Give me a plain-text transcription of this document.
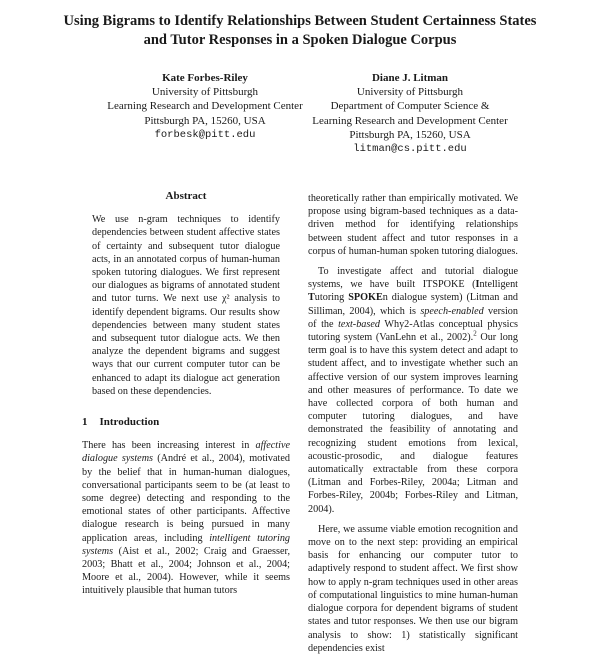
Using Bigrams to Identify Relationships Between Student Certainness States
and Tutor Responses in a Spoken Dialogue Corpus
Kate Forbes-Riley
University of Pittsburgh
Learning Research and Development Center
Pittsburgh PA, 15260, USA
forbesk@pitt.edu
Diane J. Litman
University of Pittsburgh
Department of Computer Science &
Learning Research and Development Center
Pittsburgh PA, 15260, USA
litman@cs.pitt.edu
Abstract

We use n-gram techniques to identify dependencies between student affective states of certainty and subsequent tutor dialogue acts, in an annotated corpus of human-human spoken tutoring dialogues. We first represent our dialogues as bigrams of annotated student and tutor turns. We next use χ² analysis to identify dependent bigrams. Our results show dependencies between many student states and subsequent tutor dialogue acts. We then analyze the dependent bigrams and suggest ways that our current computer tutor can be enhanced to adapt its dialogue act generation based on these dependencies.

1 Introduction

There has been increasing interest in affective dialogue systems (André et al., 2004), motivated by the belief that in human-human dialogues, conversational participants seem to be (at least to some degree) detecting and responding to the emotional states of other participants. Affective dialogue research is being pursued in many application areas, including intelligent tutoring systems (Aist et al., 2002; Craig and Graesser, 2003; Bhatt et al., 2004; Johnson et al., 2004; Moore et al., 2004). However, while it seems intuitively plausible that human tutors

theoretically rather than empirically motivated. We propose using bigram-based techniques as a data-driven method for identifying relationships between student affect and tutor responses in a corpus of human-human spoken tutoring dialogues.

To investigate affect and tutorial dialogue systems, we have built ITSPOKE (Intelligent Tutoring SPOKEn dialogue system) (Litman and Silliman, 2004), which is speech-enabled version of the text-based Why2-Atlas conceptual physics tutoring system (VanLehn et al., 2002).$^2$ Our long term goal is to have this system detect and adapt to student affect, and to investigate whether such an affective version of our system improves learning and other measures of performance. To date we have collected corpora of both human and computer tutoring dialogues, and have demonstrated the feasibility of annotating and recognizing student emotions from lexical, acoustic-prosodic, and dialogue features automatically extractable from these corpora (Litman and Forbes-Riley, 2004a; Litman and Forbes-Riley, 2004b; Forbes-Riley and Litman, 2004).

Here, we assume viable emotion recognition and move on to the next step: providing an empirical basis for enhancing our computer tutor to adaptively respond to student affect. We first show how to apply n-gram techniques used in other areas of computational linguistics to mine human-human dialogue corpora for dependent bigrams of student states and tutor responses. We then use our bigram analysis to show: 1) statistically significant dependencies exist
